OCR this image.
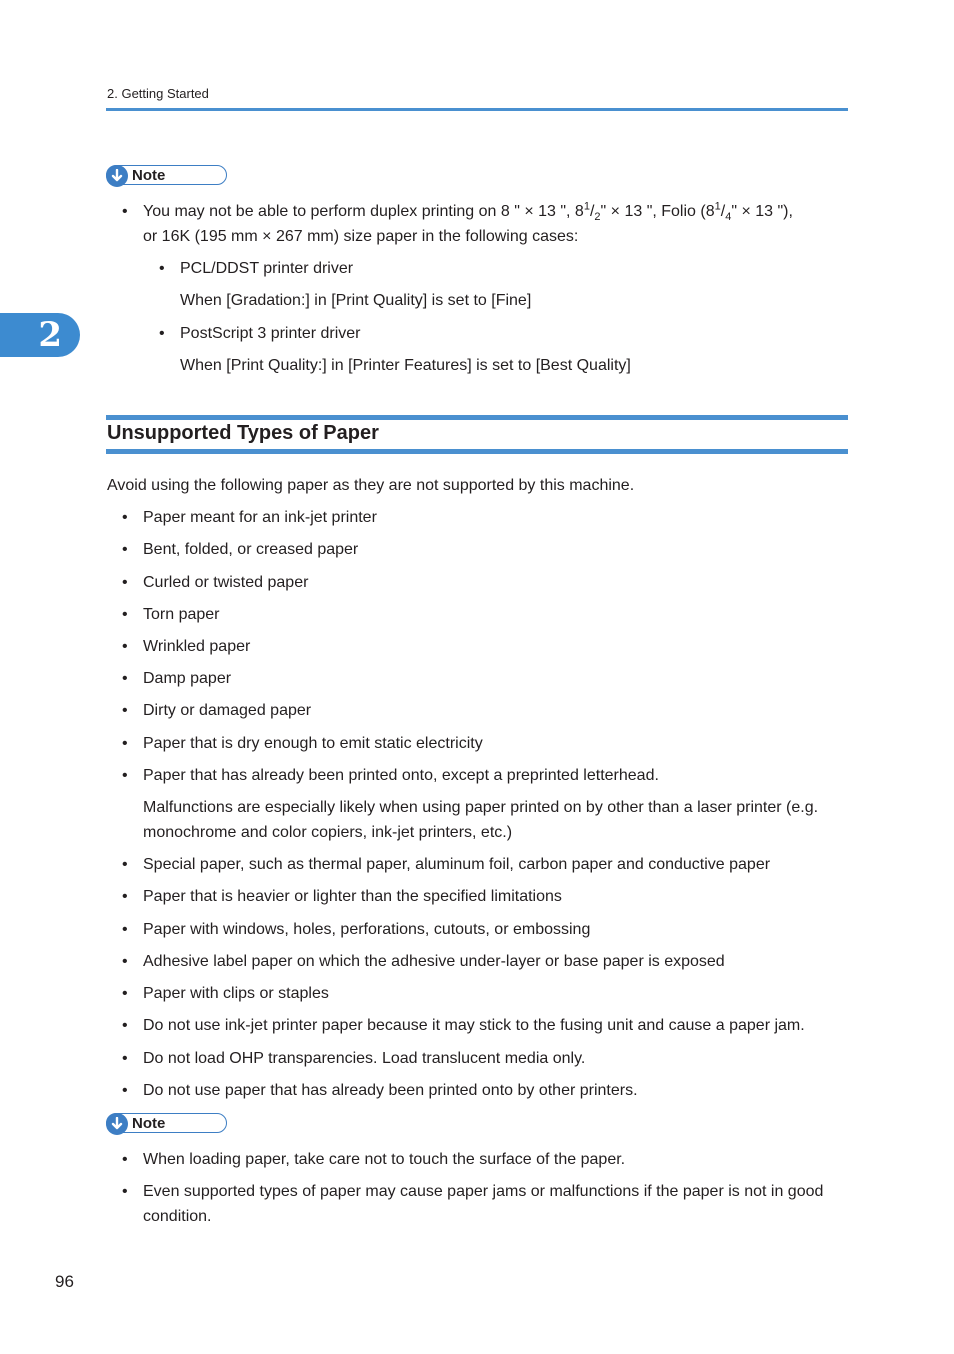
2. Getting Started
2
Note
• You may not be able to perform duplex printing on 8 " × 13 ", $8^1/_2$" × 13 ", Folio ($8^1/_4$" × 13 "),
or 16K (195 mm × 267 mm) size paper in the following cases:
• PCL/DDST printer driver
When [Gradation:] in [Print Quality] is set to [Fine]
• PostScript 3 printer driver
When [Print Quality:] in [Printer Features] is set to [Best Quality]
Unsupported Types of Paper
Avoid using the following paper as they are not supported by this machine.
• Paper meant for an ink-jet printer
• Bent, folded, or creased paper
• Curled or twisted paper
• Torn paper
• Wrinkled paper
• Damp paper
• Dirty or damaged paper
• Paper that is dry enough to emit static electricity
• Paper that has already been printed onto, except a preprinted letterhead.
Malfunctions are especially likely when using paper printed on by other than a laser printer (e.g.
monochrome and color copiers, ink-jet printers, etc.)
• Special paper, such as thermal paper, aluminum foil, carbon paper and conductive paper
• Paper that is heavier or lighter than the specified limitations
• Paper with windows, holes, perforations, cutouts, or embossing
• Adhesive label paper on which the adhesive under-layer or base paper is exposed
• Paper with clips or staples
• Do not use ink-jet printer paper because it may stick to the fusing unit and cause a paper jam.
• Do not load OHP transparencies. Load translucent media only.
• Do not use paper that has already been printed onto by other printers.
Note
• When loading paper, take care not to touch the surface of the paper.
• Even supported types of paper may cause paper jams or malfunctions if the paper is not in good
condition.
96
